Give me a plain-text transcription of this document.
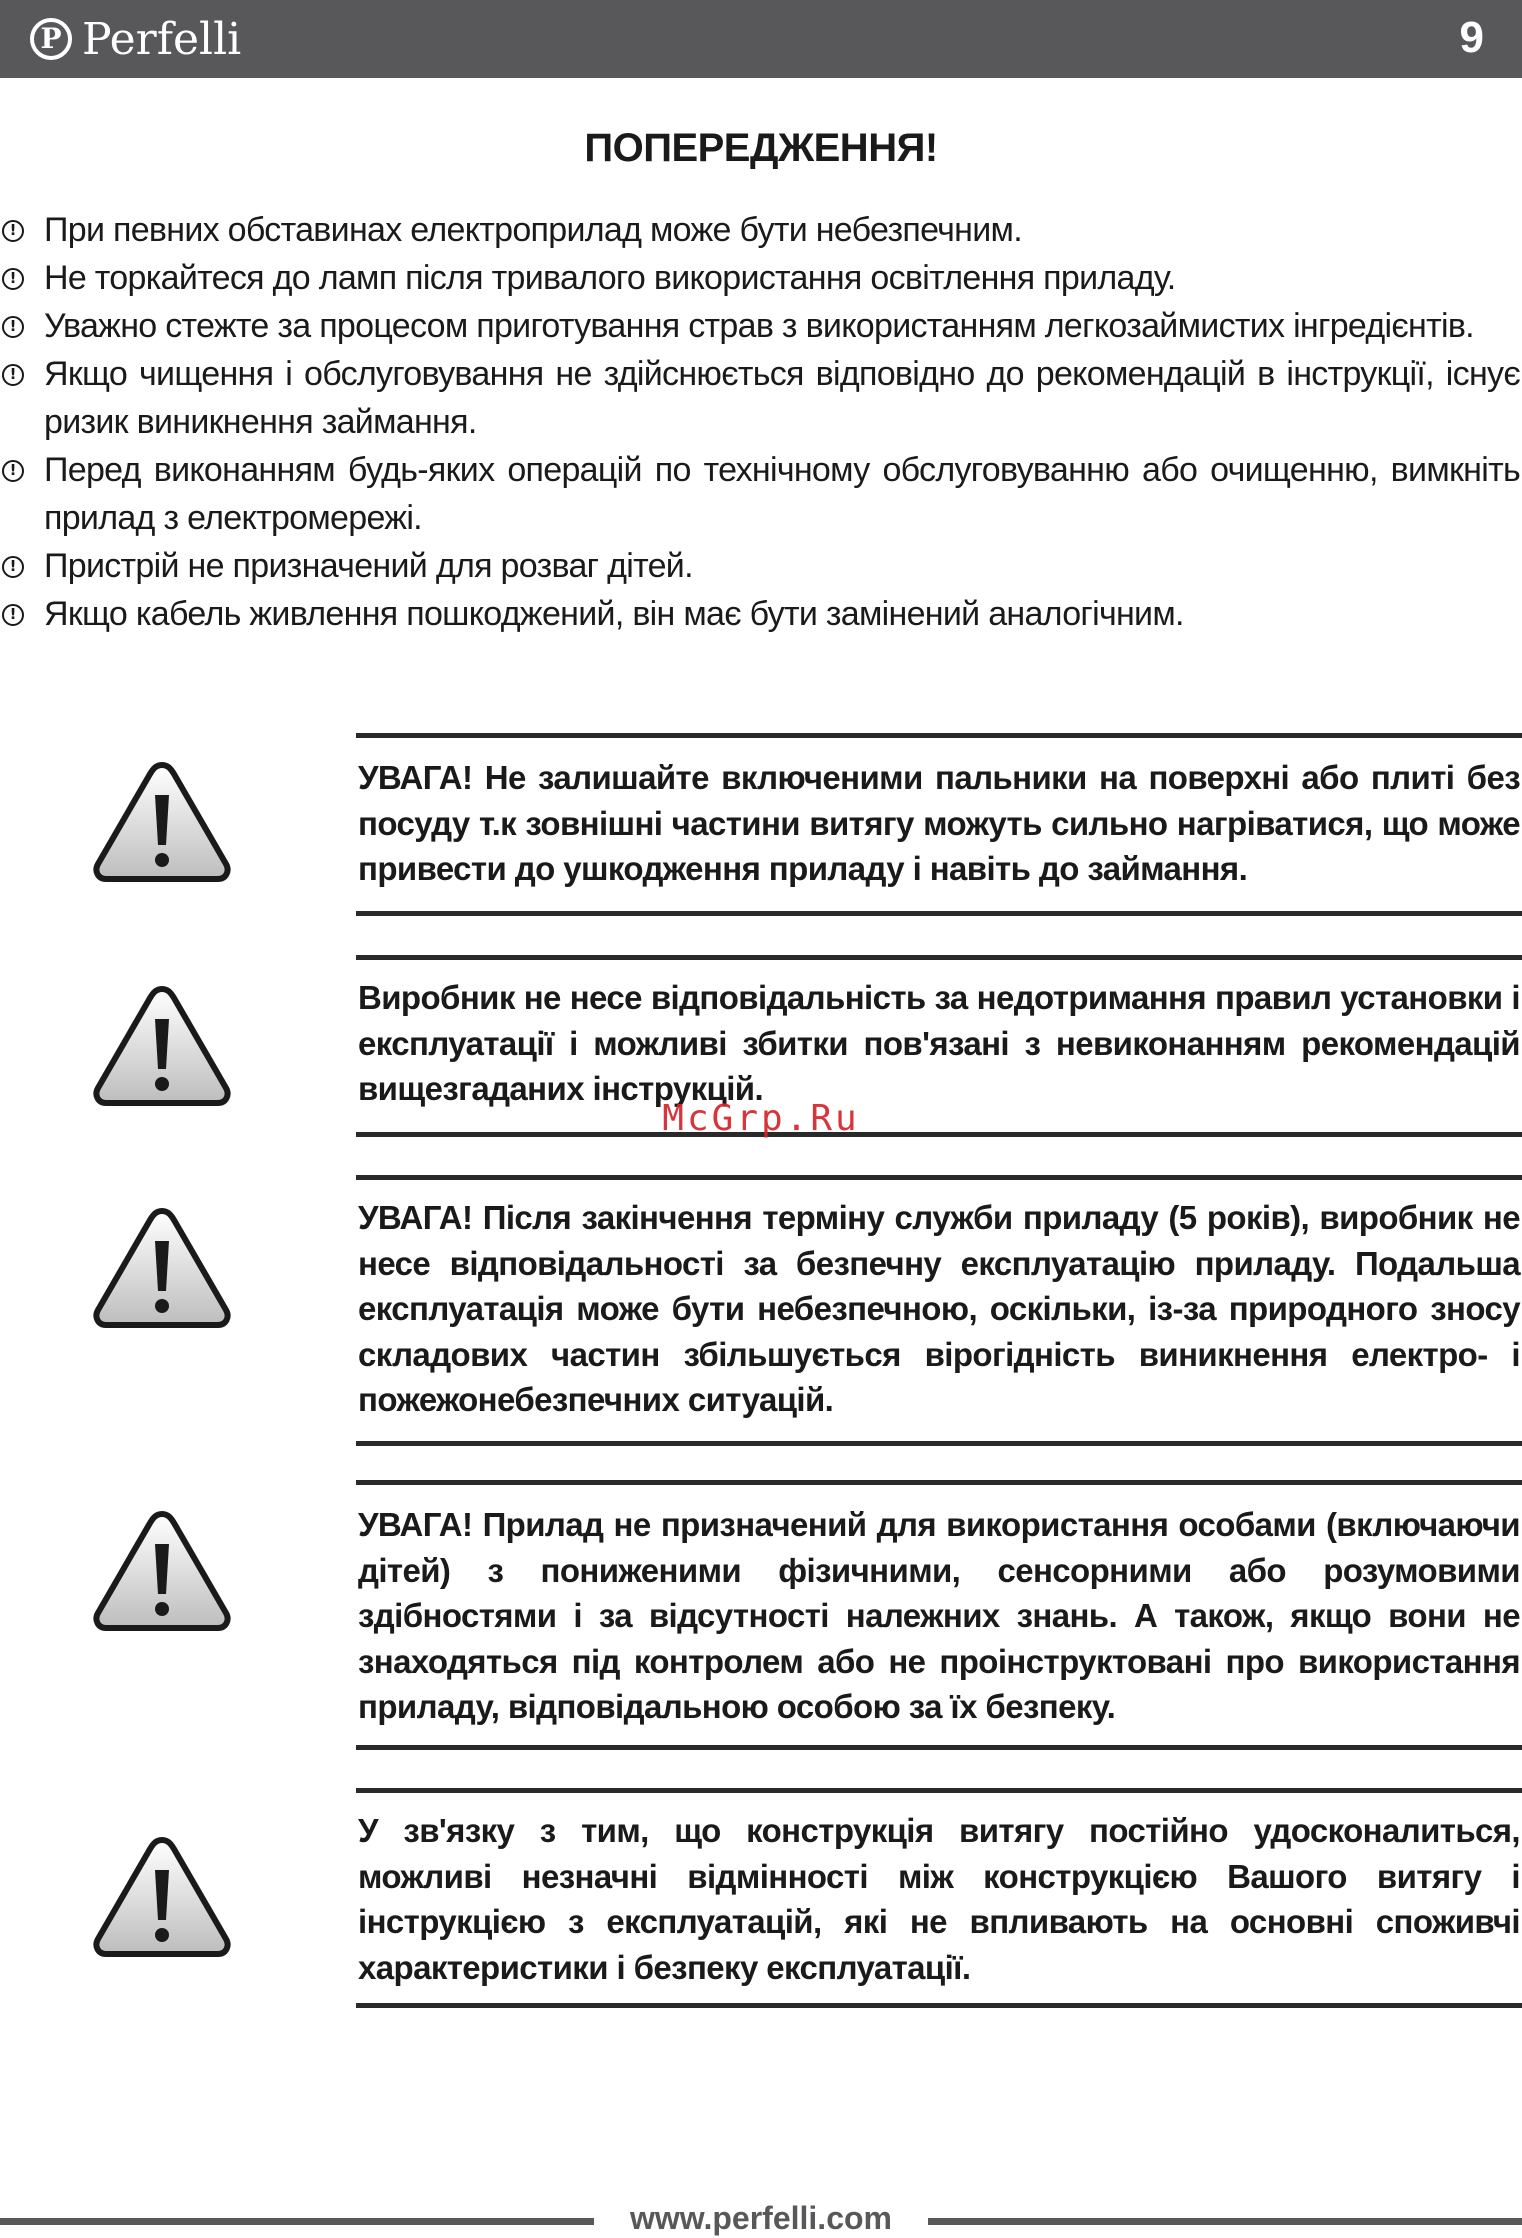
P Perfelli	9
ПОПЕРЕДЖЕННЯ!
! При певних обставинах електроприлад може бути небезпечним.
! Не торкайтеся до ламп після тривалого використання освітлення приладу.
! Уважно стежте за процесом приготування страв з використанням легкозаймистих інгредієнтів.
! Якщо чищення і обслуговування не здійснюється відповідно до рекомендацій в інструкції, існує ризик виникнення займання.
! Перед виконанням будь-яких операцій по технічному обслуговуванню або очищенню, вимкніть прилад з електромережі.
! Пристрій не призначений для розваг дітей.
! Якщо кабель живлення пошкоджений, він має бути замінений аналогічним.
УВАГА! Не залишайте включеними пальники на поверхні або плиті без посуду т.к зовнішні частини витягу можуть сильно нагріватися, що може привести до ушкодження приладу і навіть до займання.
Виробник не несе відповідальність за недотримання правил установки і експлуатації і можливі збитки пов'язані з невиконанням рекомендацій вищезгаданих інструкцій.
УВАГА! Після закінчення терміну служби приладу (5 років), виробник не несе відповідальності за безпечну експлуатацію приладу. Подальша експлуатація може бути небезпечною, оскільки, із-за природного зносу складових частин збільшується вірогідність виникнення електро- і пожежонебезпечних ситуацій.
УВАГА! Прилад не призначений для використання особами (включаючи дітей) з пониженими фізичними, сенсорними або розумовими здібностями і за відсутності належних знань. А також, якщо вони не знаходяться під контролем або не проінструктовані про використання приладу, відповідальною особою за їх безпеку.
У зв'язку з тим, що конструкція витягу постійно удосконалиться, можливі незначні відмінності між конструкцією Вашого витягу і інструкцією з експлуатацій, які не впливають на основні споживчі характеристики і безпеку експлуатації.
McGrp.Ru
www.perfelli.com
